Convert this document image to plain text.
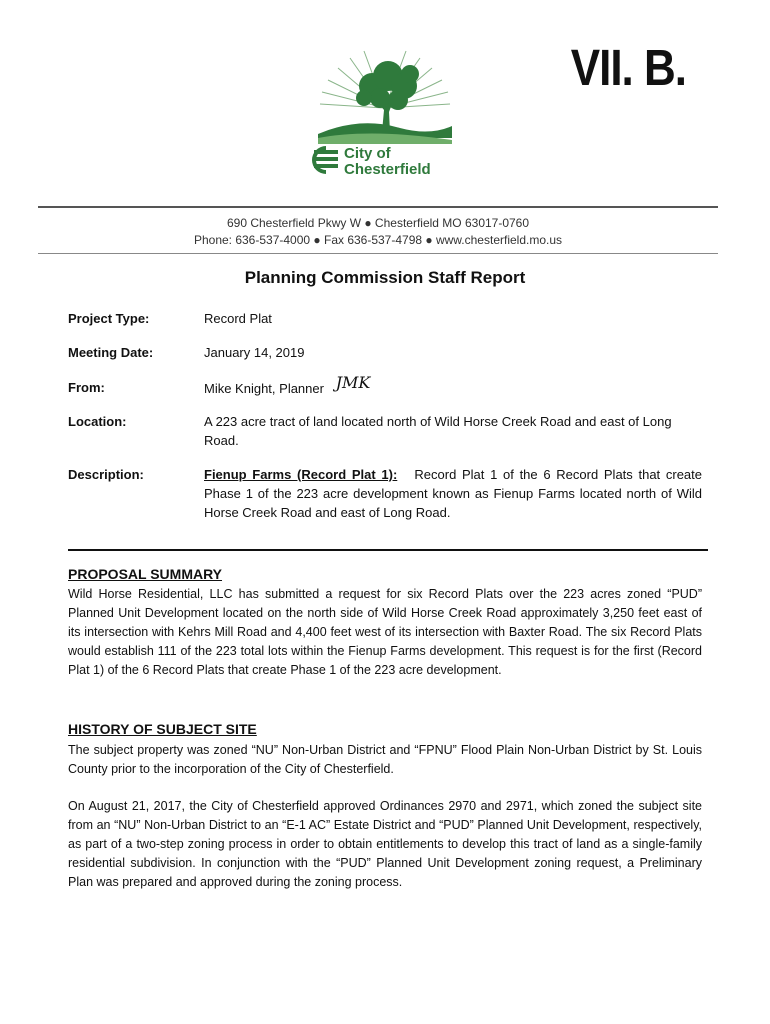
VII. B.
City of
Chesterfield
690 Chesterfield Pkwy W ● Chesterfield MO 63017-0760
Phone: 636-537-4000 ● Fax 636-537-4798 ● www.chesterfield.mo.us
Planning Commission Staff Report
Project Type:	Record Plat
Meeting Date:	January 14, 2019
From:	Mike Knight, Planner JMK
Location:	A 223 acre tract of land located north of Wild Horse Creek Road and east of Long Road.
Description:	Fienup Farms (Record Plat 1): Record Plat 1 of the 6 Record Plats that create Phase 1 of the 223 acre development known as Fienup Farms located north of Wild Horse Creek Road and east of Long Road.
PROPOSAL SUMMARY
Wild Horse Residential, LLC has submitted a request for six Record Plats over the 223 acres zoned “PUD” Planned Unit Development located on the north side of Wild Horse Creek Road approximately 3,250 feet east of its intersection with Kehrs Mill Road and 4,400 feet west of its intersection with Baxter Road. The six Record Plats would establish 111 of the 223 total lots within the Fienup Farms development. This request is for the first (Record Plat 1) of the 6 Record Plats that create Phase 1 of the 223 acre development.
HISTORY OF SUBJECT SITE
The subject property was zoned “NU” Non-Urban District and “FPNU” Flood Plain Non-Urban District by St. Louis County prior to the incorporation of the City of Chesterfield.
On August 21, 2017, the City of Chesterfield approved Ordinances 2970 and 2971, which zoned the subject site from an “NU” Non-Urban District to an “E-1 AC” Estate District and “PUD” Planned Unit Development, respectively, as part of a two-step zoning process in order to obtain entitlements to develop this tract of land as a single-family residential subdivision. In conjunction with the “PUD” Planned Unit Development zoning request, a Preliminary Plan was prepared and approved during the zoning process.
